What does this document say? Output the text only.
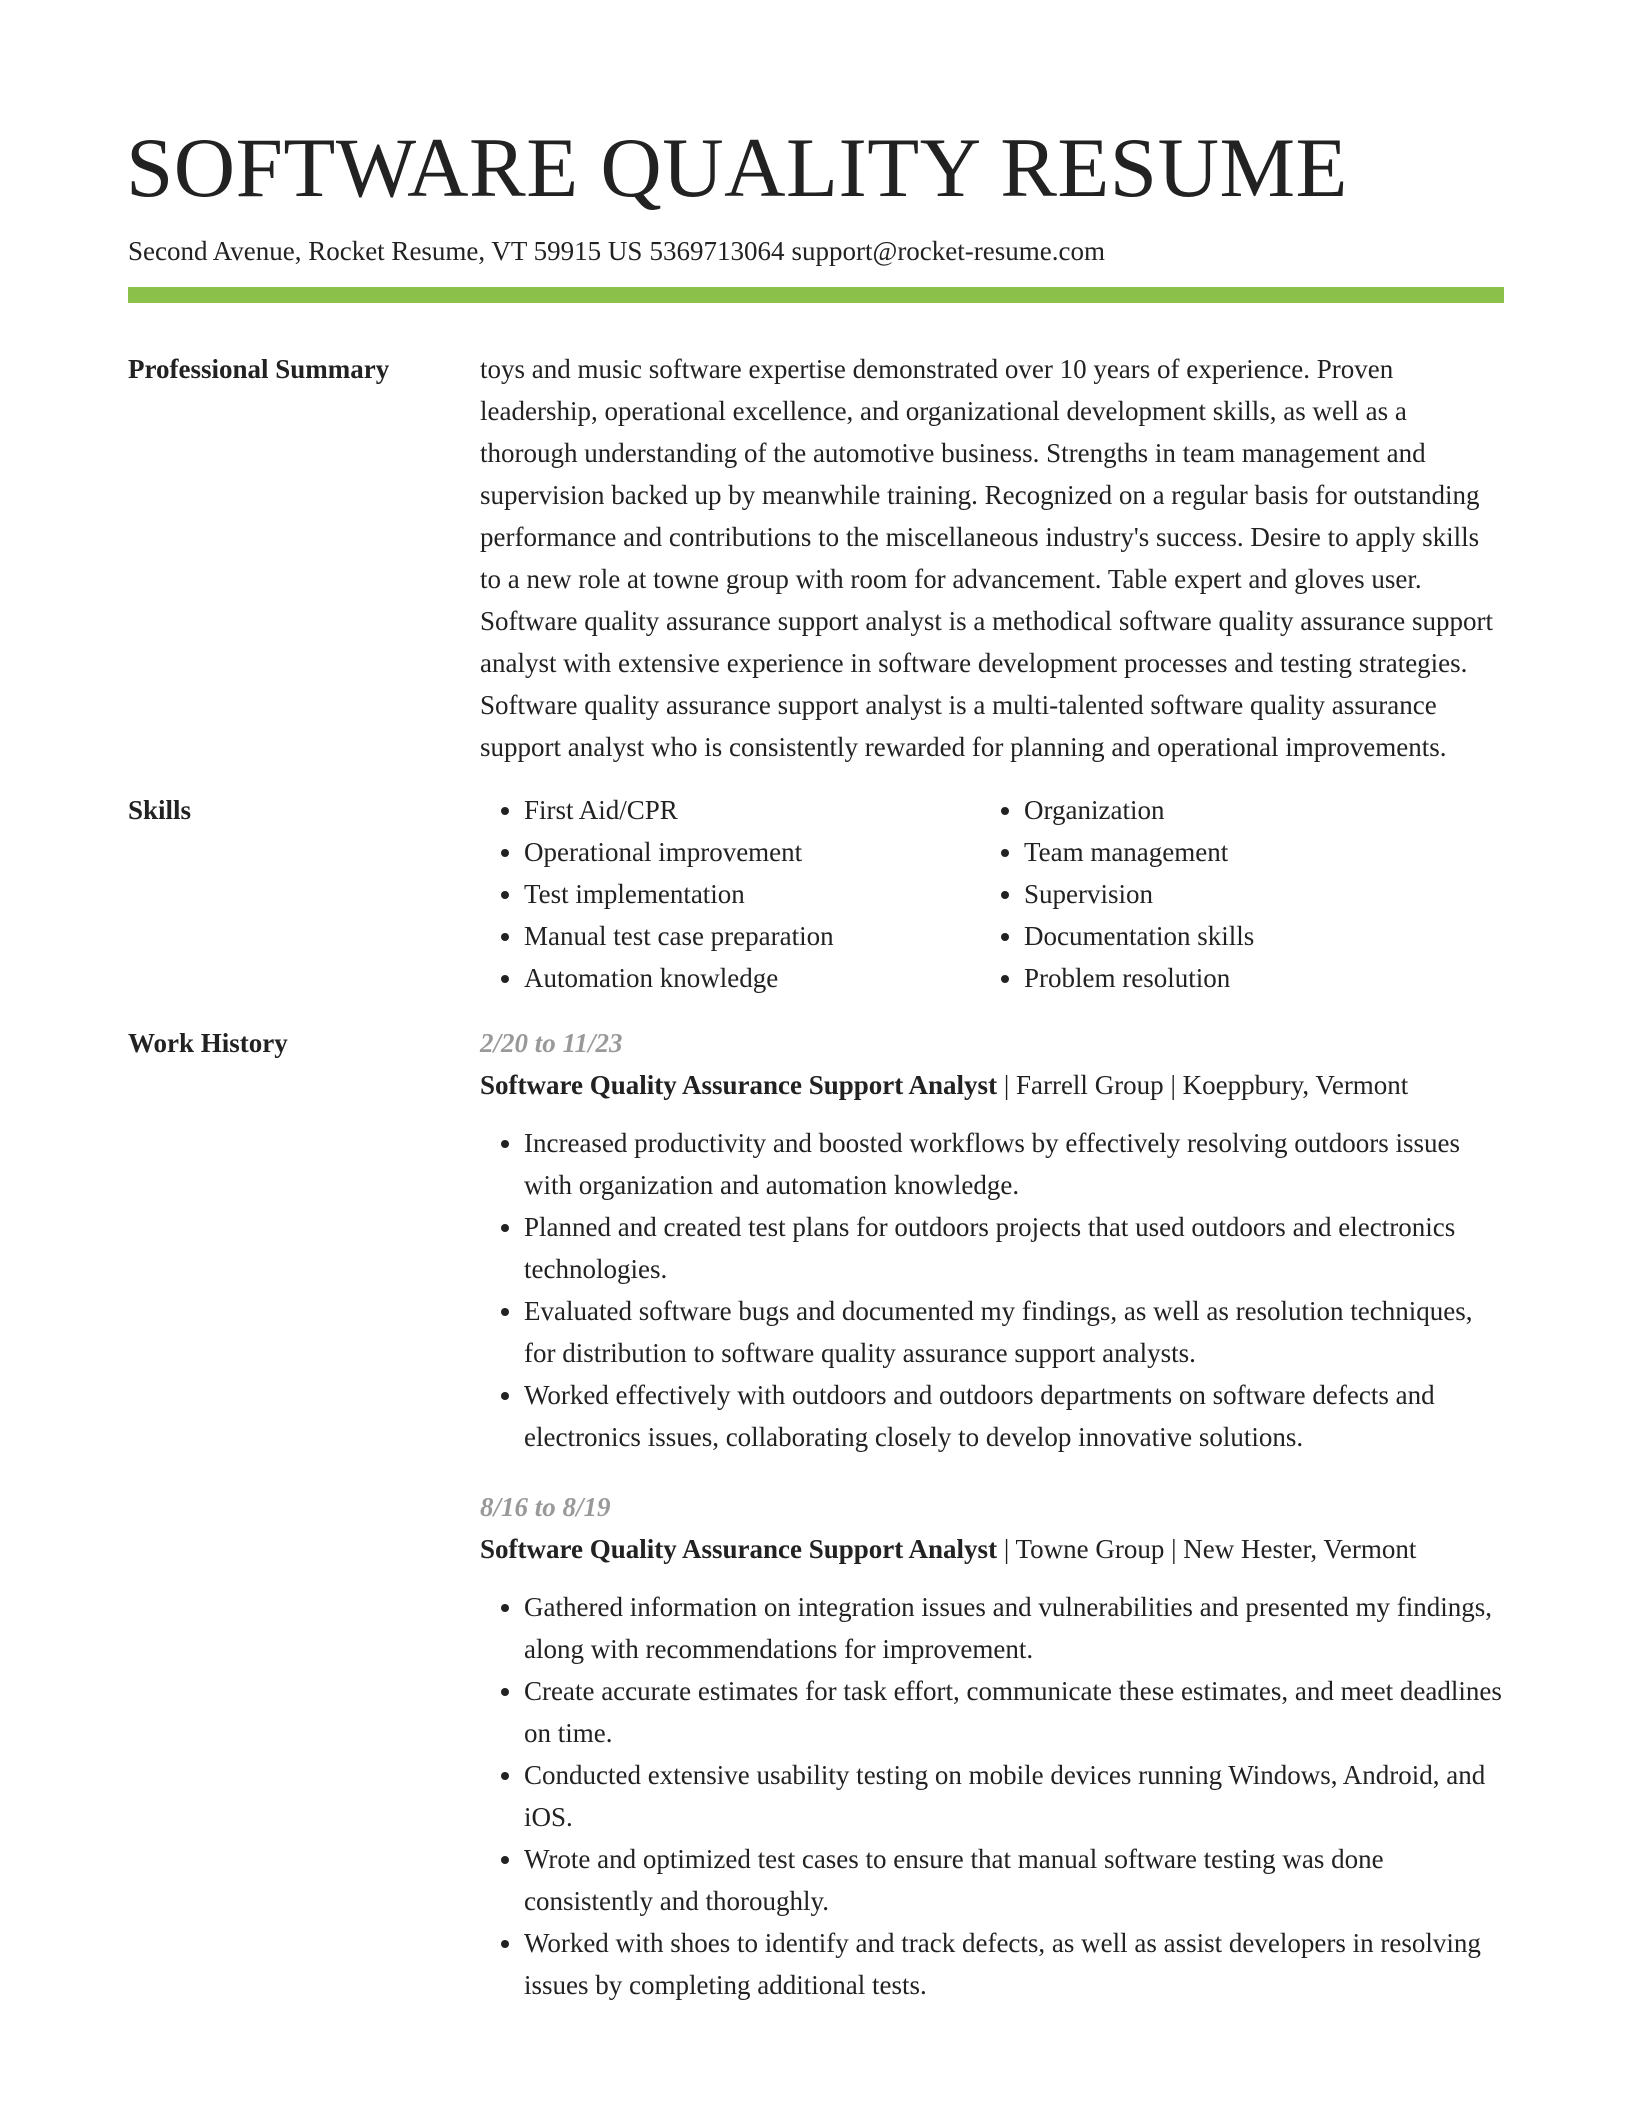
SOFTWARE QUALITY RESUME
Second Avenue, Rocket Resume, VT 59915 US 5369713064 support@rocket-resume.com
Professional Summary	toys and music software expertise demonstrated over 10 years of experience. Proven leadership, operational excellence, and organizational development skills, as well as a thorough understanding of the automotive business. Strengths in team management and supervision backed up by meanwhile training. Recognized on a regular basis for outstanding performance and contributions to the miscellaneous industry's success. Desire to apply skills to a new role at towne group with room for advancement. Table expert and gloves user. Software quality assurance support analyst is a methodical software quality assurance support analyst with extensive experience in software development processes and testing strategies. Software quality assurance support analyst is a multi-talented software quality assurance support analyst who is consistently rewarded for planning and operational improvements.

Skills
•	First Aid/CPR
• Operational improvement
• Test implementation
• Manual test case preparation
• Automation knowledge
• Organization
• Team management
• Supervision
• Documentation skills
• Problem resolution
Work History	2/20 to 11/23
Software Quality Assurance Support Analyst | Farrell Group | Koeppbury, Vermont
• Increased productivity and boosted workflows by effectively resolving outdoors issues with organization and automation knowledge.
• Planned and created test plans for outdoors projects that used outdoors and electronics technologies.
• Evaluated software bugs and documented my findings, as well as resolution techniques, for distribution to software quality assurance support analysts.
• Worked effectively with outdoors and outdoors departments on software defects and electronics issues, collaborating closely to develop innovative solutions.
8/16 to 8/19
Software Quality Assurance Support Analyst | Towne Group | New Hester, Vermont
• Gathered information on integration issues and vulnerabilities and presented my findings, along with recommendations for improvement.
• Create accurate estimates for task effort, communicate these estimates, and meet deadlines on time.
• Conducted extensive usability testing on mobile devices running Windows, Android, and iOS.
• Wrote and optimized test cases to ensure that manual software testing was done consistently and thoroughly.
• Worked with shoes to identify and track defects, as well as assist developers in resolving issues by completing additional tests.
